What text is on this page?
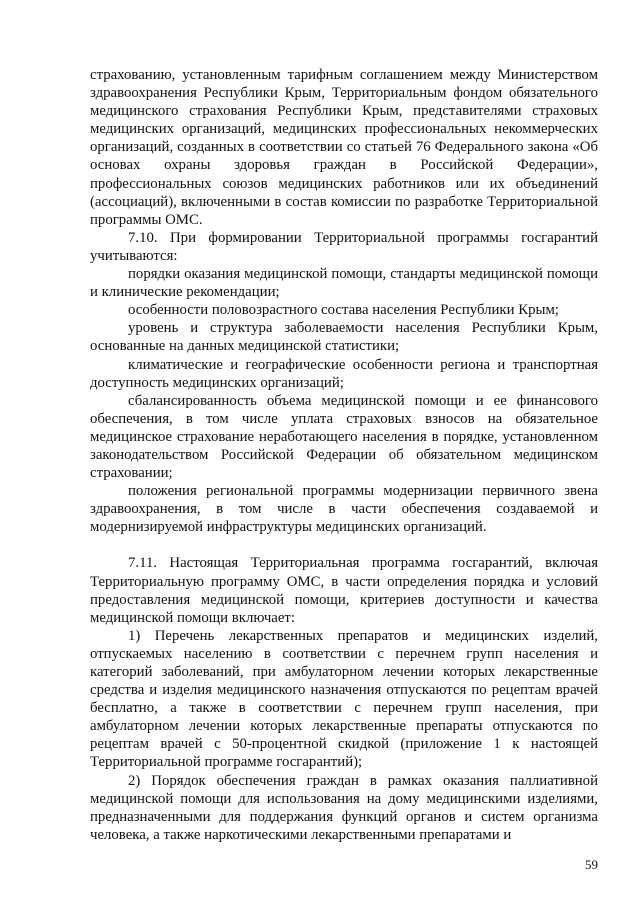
страхованию, установленным тарифным соглашением между Министерством здравоохранения Республики Крым, Территориальным фондом обязательного медицинского страхования Республики Крым, представителями страховых медицинских организаций, медицинских профессиональных некоммерческих организаций, созданных в соответствии со статьей 76 Федерального закона «Об основах охраны здоровья граждан в Российской Федерации», профессиональных союзов медицинских работников или их объединений (ассоциаций), включенными в состав комиссии по разработке Территориальной программы ОМС.

7.10. При формировании Территориальной программы госгарантий учитываются:

порядки оказания медицинской помощи, стандарты медицинской помощи и клинические рекомендации;

особенности половозрастного состава населения Республики Крым;

уровень и структура заболеваемости населения Республики Крым, основанные на данных медицинской статистики;

климатические и географические особенности региона и транспортная доступность медицинских организаций;

сбалансированность объема медицинской помощи и ее финансового обеспечения, в том числе уплата страховых взносов на обязательное медицинское страхование неработающего населения в порядке, установленном законодательством Российской Федерации об обязательном медицинском страховании;

положения региональной программы модернизации первичного звена здравоохранения, в том числе в части обеспечения создаваемой и модернизируемой инфраструктуры медицинских организаций.

7.11. Настоящая Территориальная программа госгарантий, включая Территориальную программу ОМС, в части определения порядка и условий предоставления медицинской помощи, критериев доступности и качества медицинской помощи включает:

1) Перечень лекарственных препаратов и медицинских изделий, отпускаемых населению в соответствии с перечнем групп населения и категорий заболеваний, при амбулаторном лечении которых лекарственные средства и изделия медицинского назначения отпускаются по рецептам врачей бесплатно, а также в соответствии с перечнем групп населения, при амбулаторном лечении которых лекарственные препараты отпускаются по рецептам врачей с 50-процентной скидкой (приложение 1 к настоящей Территориальной программе госгарантий);

2) Порядок обеспечения граждан в рамках оказания паллиативной медицинской помощи для использования на дому медицинскими изделиями, предназначенными для поддержания функций органов и систем организма человека, а также наркотическими лекарственными препаратами и

59
